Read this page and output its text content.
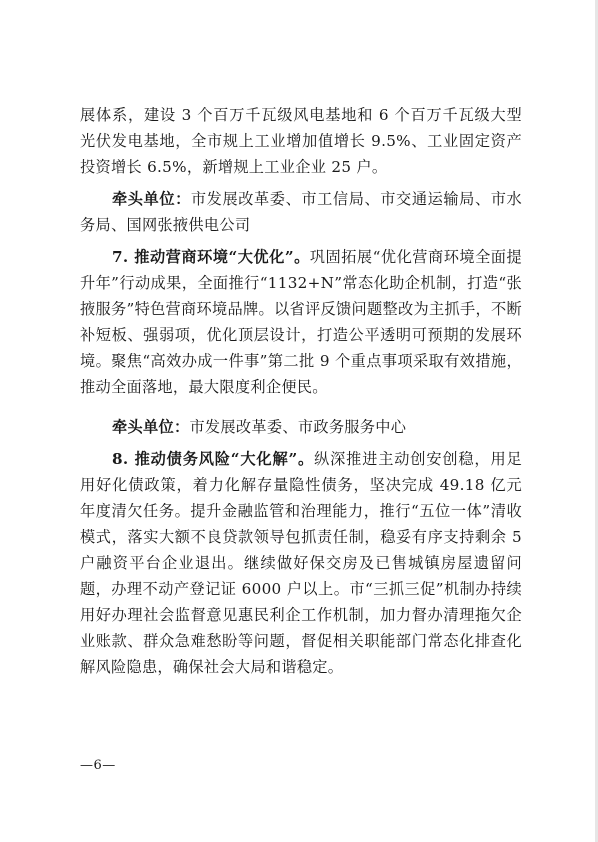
展体系，建设 3 个百万千瓦级风电基地和 6 个百万千瓦级大型光伏发电基地，全市规上工业增加值增长 9.5%、工业固定资产投资增长 6.5%，新增规上工业企业 25 户。

牵头单位：市发展改革委、市工信局、市交通运输局、市水务局、国网张掖供电公司

7. 推动营商环境“大优化”。巩固拓展“优化营商环境全面提升年”行动成果，全面推行“1132+N”常态化助企机制，打造“张掖服务”特色营商环境品牌。以省评反馈问题整改为主抓手，不断补短板、强弱项，优化顶层设计，打造公平透明可预期的发展环境。聚焦“高效办成一件事”第二批 9 个重点事项采取有效措施，推动全面落地，最大限度利企便民。

牵头单位：市发展改革委、市政务服务中心

8. 推动债务风险“大化解”。纵深推进主动创安创稳，用足用好化债政策，着力化解存量隐性债务，坚决完成 49.18 亿元年度清欠任务。提升金融监管和治理能力，推行“五位一体”清收模式，落实大额不良贷款领导包抓责任制，稳妥有序支持剩余 5 户融资平台企业退出。继续做好保交房及已售城镇房屋遗留问题，办理不动产登记证 6000 户以上。市“三抓三促”机制办持续用好办理社会监督意见惠民利企工作机制，加力督办清理拖欠企业账款、群众急难愁盼等问题，督促相关职能部门常态化排查化解风险隐患，确保社会大局和谐稳定。

—6—
